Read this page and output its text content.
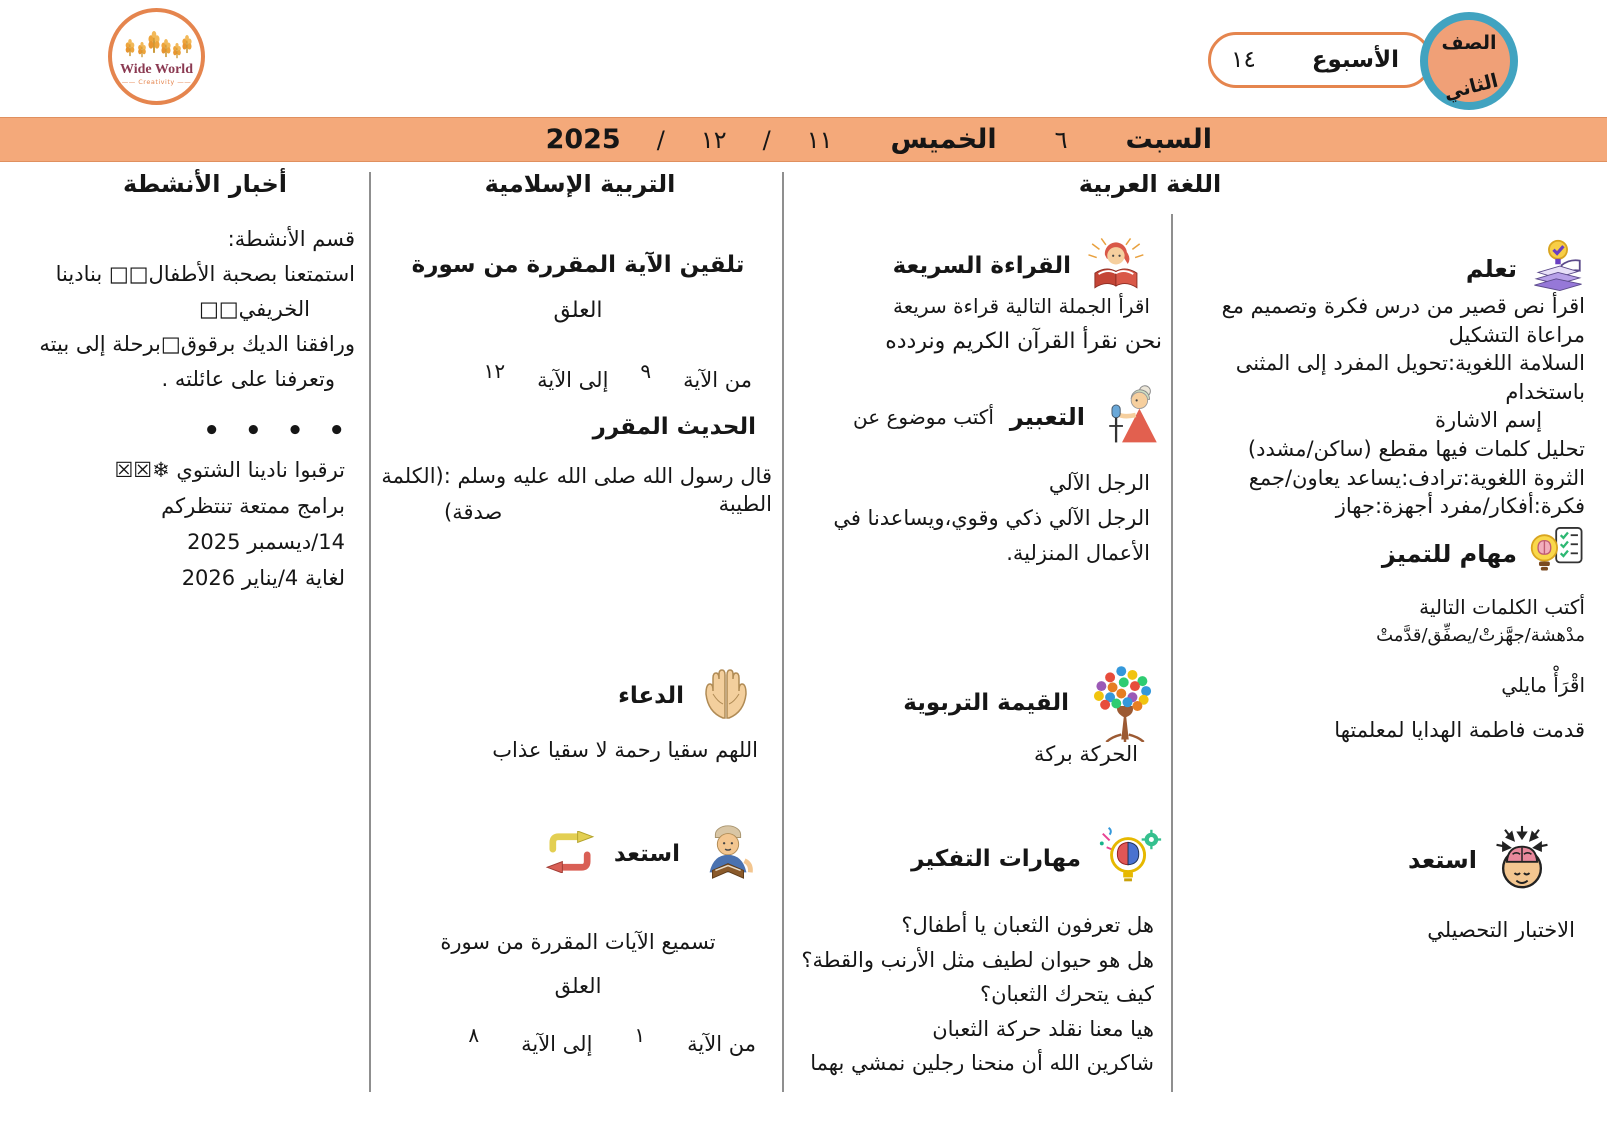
Wide World
—— Creativity ——
الأسبوع
١٤
الصف
الثاني
السبت
٦
الخميس
١١
/
١٢
/
2025
اللغة العربية
التربية الإسلامية
أخبار الأنشطة
تعلم
اقرأ نص قصير من درس فكرة وتصميم مع
مراعاة التشكيل
السلامة اللغوية:تحويل المفرد إلى المثنى باستخدام
إسم الاشارة
تحليل كلمات فيها مقطع (ساكن/مشدد)
الثروة اللغوية:ترادف:يساعد يعاون/جمع
فكرة:أفكار/مفرد أجهزة:جهاز
مهام للتميز
أكتب الكلمات التالية
مدْهشة/جهَّزتْ/يصفِّق/قدَّمتْ
اقْرَأْ مايلي
قدمت فاطمة الهدايا لمعلمتها
استعد
الاختبار التحصيلي
القراءة السريعة
اقرأ الجملة التالية قراءة سريعة
نحن نقرأ القرآن الكريم ونردده
التعبير
أكتب موضوع عن
الرجل الآلي
الرجل الآلي ذكي وقوي،ويساعدنا في
الأعمال المنزلية.
القيمة التربوية
الحركة بركة
مهارات التفكير
هل تعرفون الثعبان يا أطفال؟
هل هو حيوان لطيف مثل الأرنب والقطة؟
كيف يتحرك الثعبان؟
هيا معنا نقلد حركة الثعبان
شاكرين الله أن منحنا رجلين نمشي بهما
تلقين الآية المقررة من سورة
العلق
من الآية
٩
إلى الآية
١٢
الحديث المقرر
قال رسول الله صلى الله عليه وسلم :(الكلمة الطيبة
صدقة)
الدعاء
اللهم سقيا رحمة لا سقيا عذاب
استعد
تسميع الآيات المقررة من سورة
العلق
من الآية
١
إلى الآية
٨
قسم الأنشطة:
استمتعنا بصحبة الأطفال□□ بنادينا
الخريفي□□
ورافقنا الديك برقوق□برحلة إلى بيته
وتعرفنا على عائلته .
• • • •
ترقبوا نادينا الشتوي ❄☒☒
برامج ممتعة تنتظركم
14/ديسمبر 2025
لغاية 4/يناير 2026
